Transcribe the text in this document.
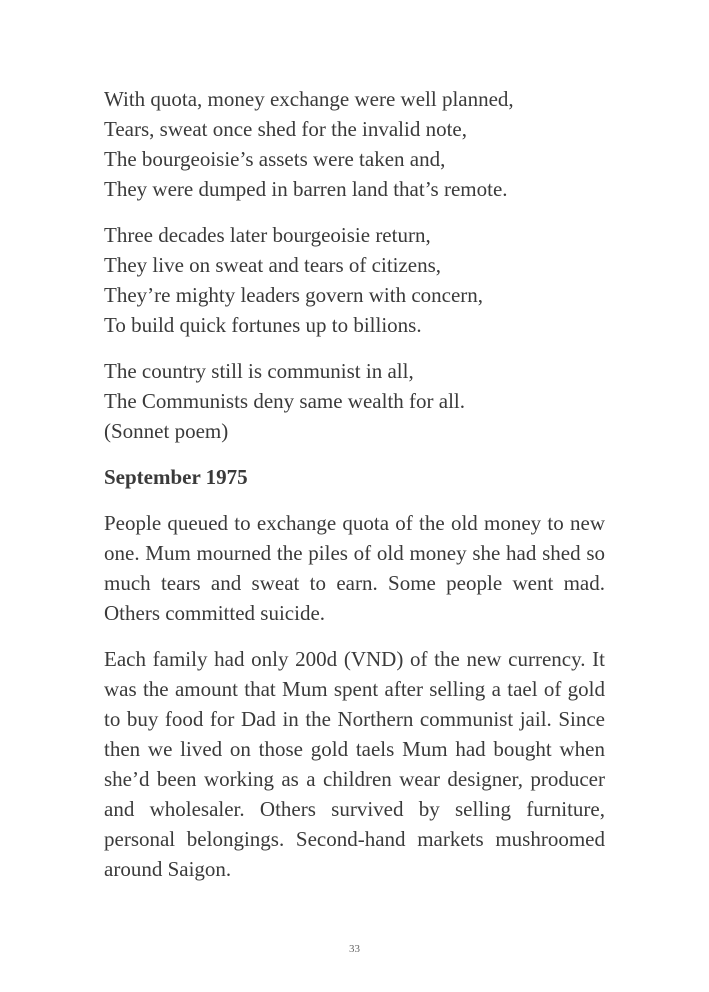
With quota, money exchange were well planned,
Tears, sweat once shed for the invalid note,
The bourgeoisie’s assets were taken and,
They were dumped in barren land that’s remote.
Three decades later bourgeoisie return,
They live on sweat and tears of citizens,
They’re mighty leaders govern with concern,
To build quick fortunes up to billions.
The country still is communist in all,
The Communists deny same wealth for all.
(Sonnet poem)
September 1975

People queued to exchange quota of the old money to new one. Mum mourned the piles of old money she had shed so much tears and sweat to earn. Some people went mad. Others committed suicide.

Each family had only 200d (VND) of the new currency. It was the amount that Mum spent after selling a tael of gold to buy food for Dad in the Northern communist jail. Since then we lived on those gold taels Mum had bought when she’d been working as a children wear designer, producer and wholesaler. Others survived by selling furniture, personal belongings. Second-hand markets mushroomed around Saigon.

33
